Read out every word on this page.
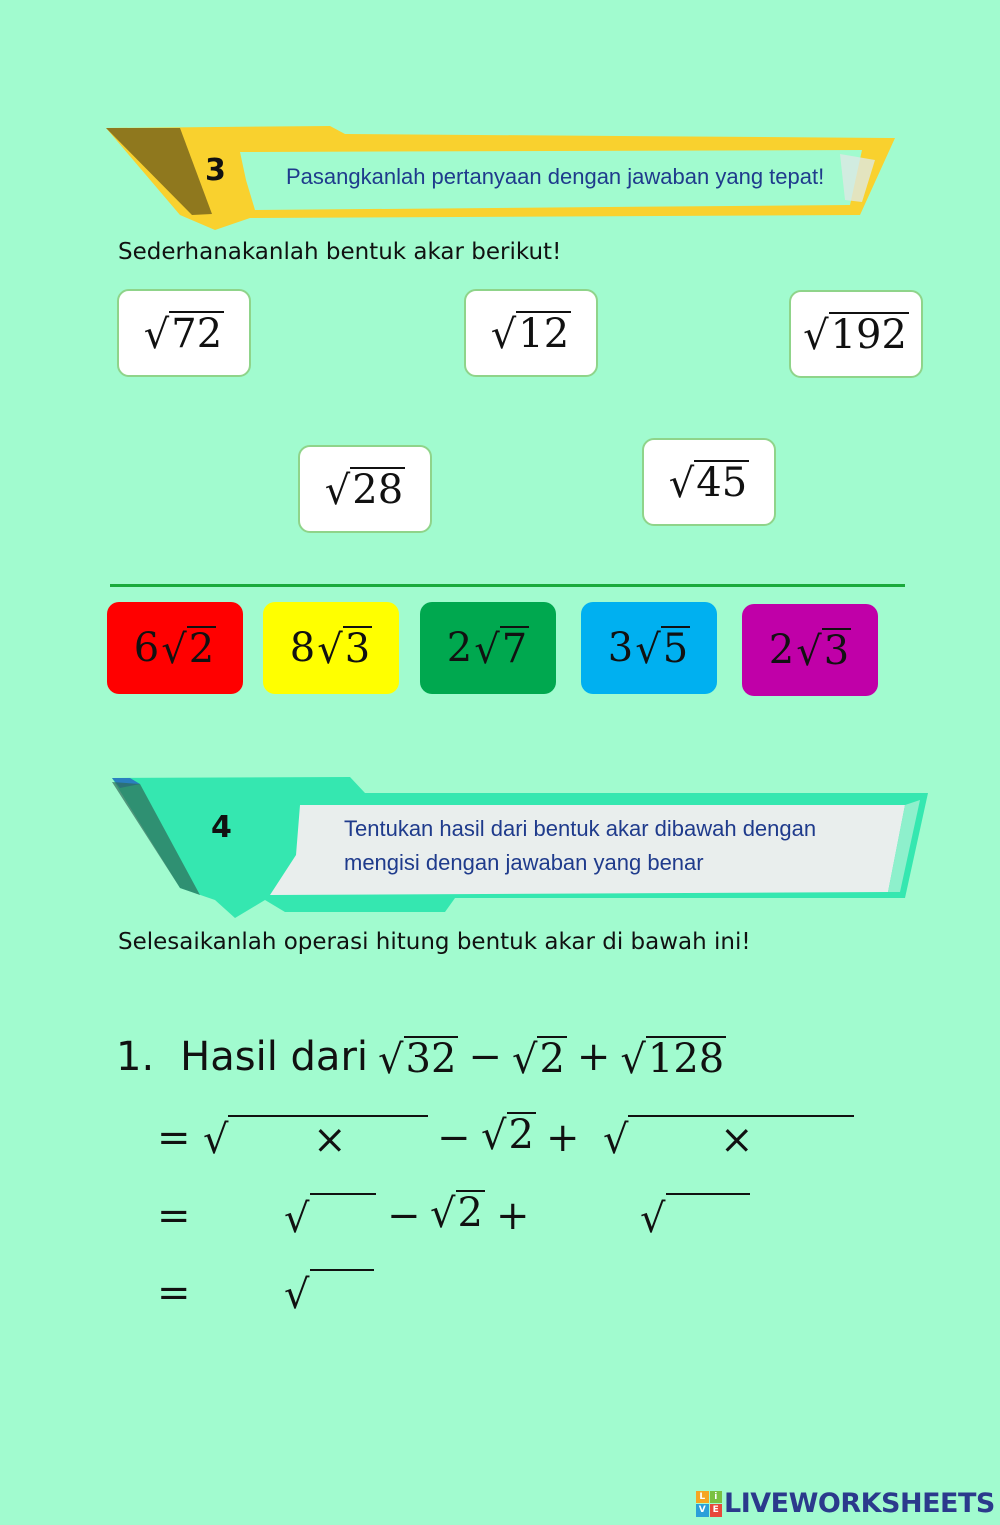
3	Pasangkanlah pertanyaan dengan jawaban yang tepat!
Sederhanakanlah bentuk akar berikut!
√ 72	√ 12	√ 192
√ 28	√ 45
6 √ 2 8 √ 3 2 √ 7 3 √ 5 2 √ 3
4	Tentukan hasil dari bentuk akar dibawah dengan
mengisi dengan jawaban yang benar
Selesaikanlah operasi hitung bentuk akar di bawah ini!
1. Hasil dari √ 32 − √ 2 + √ 128
= √ × − √ 2 + √ ×
= √ − √ 2 +	√
= √
L	i
V E LIVEWORKSHEETS
